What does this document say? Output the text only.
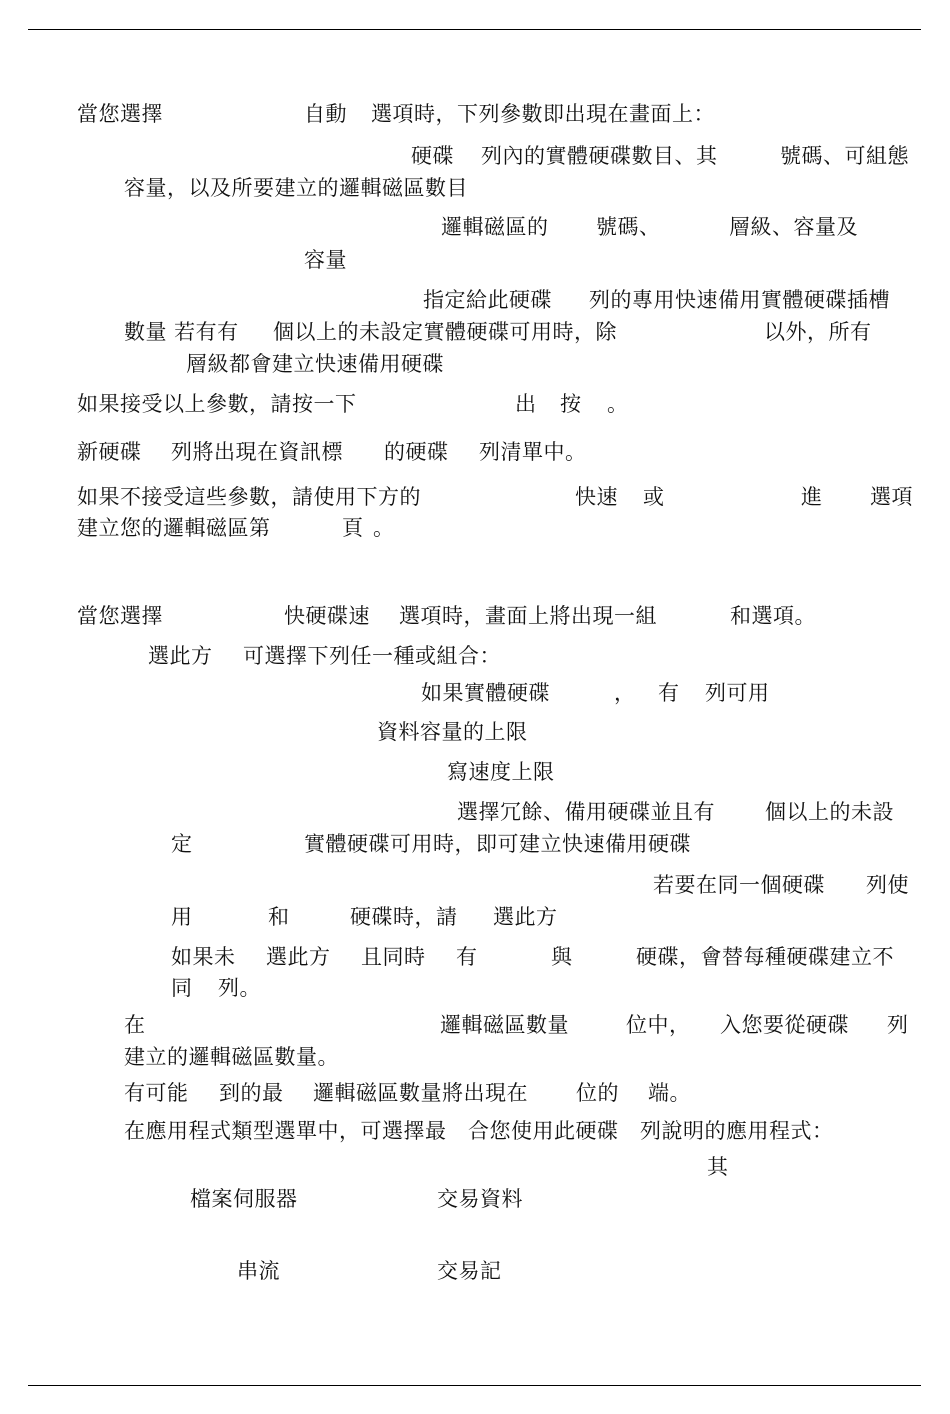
當您選擇	自動 選項時，下列參數即出現在畫面上：
硬碟 列內的實體硬碟數目、其	號碼、可組態
容量，以及所要建立的邏輯磁區數目
邏輯磁區的 號碼、	層級、容量及
容量
指定給此硬碟 列的專用快速備用實體硬碟插槽
數量 若有有 個以上的未設定實體硬碟可用時，除	以外，所有
層級都會建立快速備用硬碟
如果接受以上參數，請按一下	出 按 。
新硬碟 列將出現在資訊標 的硬碟 列清單中。
如果不接受這些參數，請使用下方的	快速 或	進 選項
建立您的邏輯磁區第	頁 。
當您選擇	快硬碟速 選項時，畫面上將出現一組	和選項。
選此方 可選擇下列任一種或組合：
如果實體硬碟	， 有 列可用
資料容量的上限
寫速度上限
選擇冗餘、備用硬碟並且有 個以上的未設
定	實體硬碟可用時，即可建立快速備用硬碟
若要在同一個硬碟 列使
用	和	硬碟時，請 選此方
如果未 選此方 且同時 有	與	硬碟，會替每種硬碟建立不
同 列。
在	邏輯磁區數量	位中， 入您要從硬碟 列
建立的邏輯磁區數量。
有可能 到的最 邏輯磁區數量將出現在 位的 端。
在應用程式類型選單中，可選擇最　合您使用此硬碟　列說明的應用程式：
其
檔案伺服器	交易資料
串流	交易記
